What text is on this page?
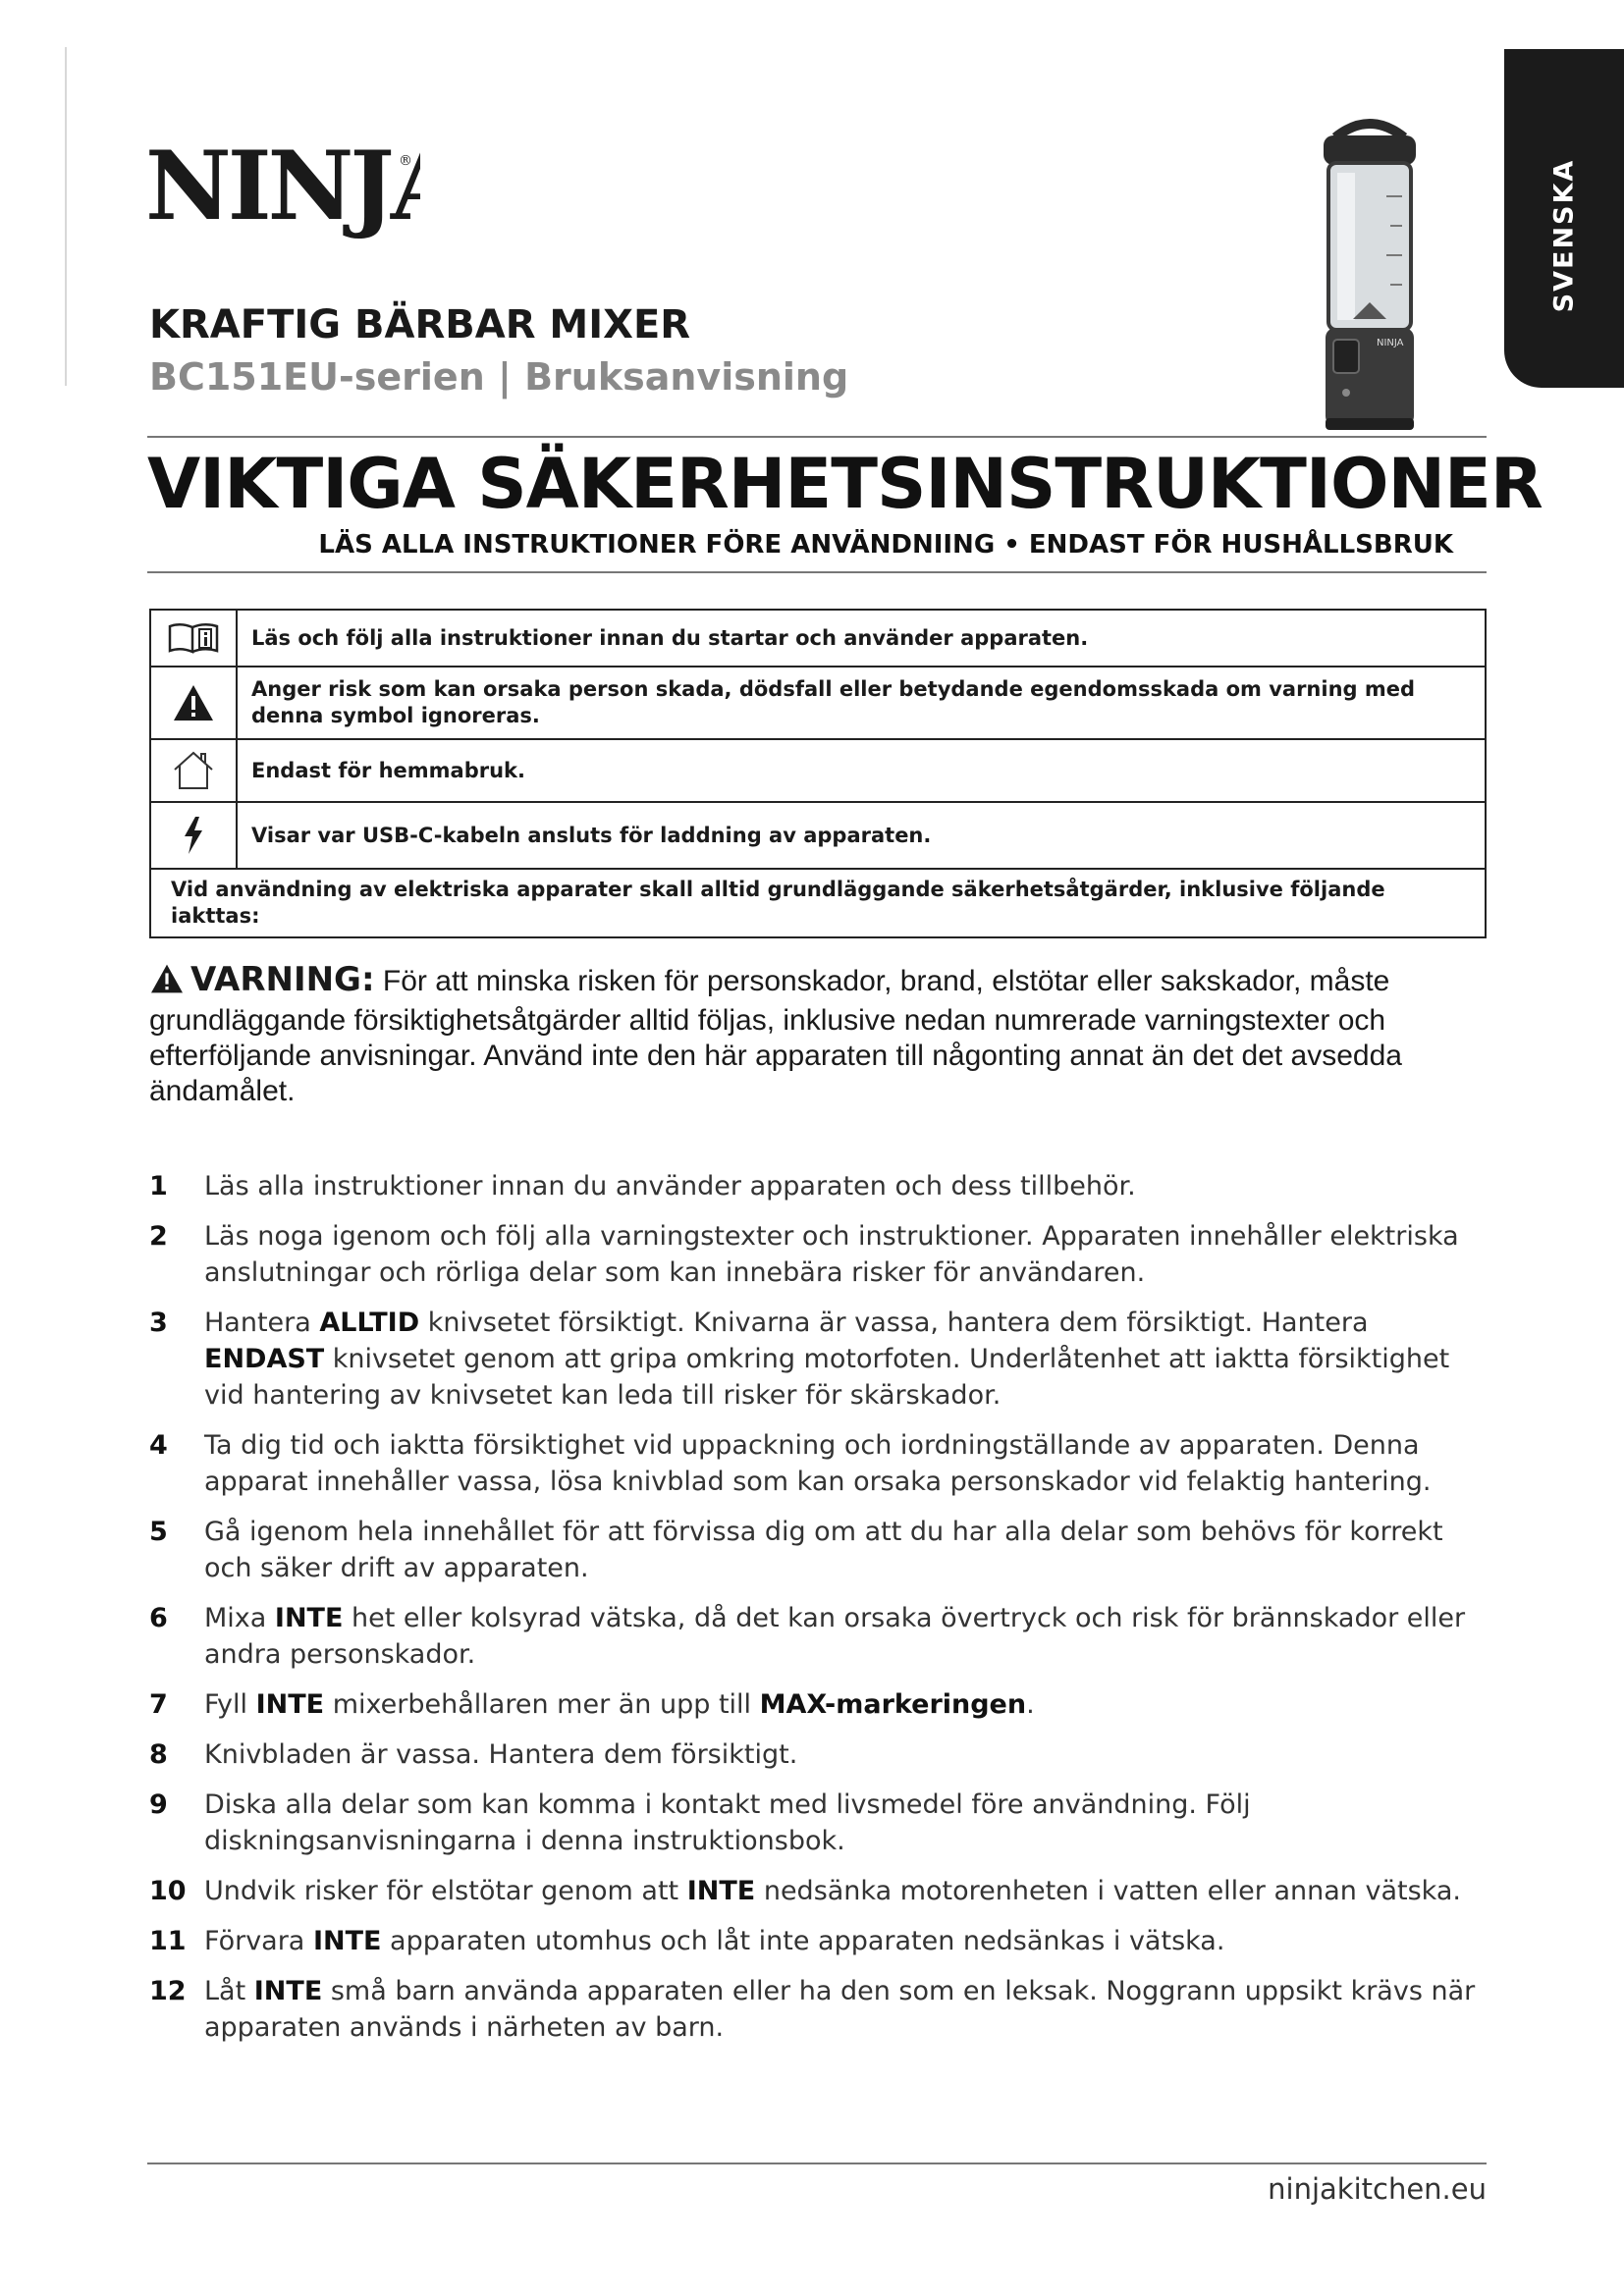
NINJ ®	SVENSKA
NINJA
KRAFTIG BÄRBAR MIXER
BC151EU-serien | Bruksanvisning
VIKTIGA SÄKERHETSINSTRUKTIONER
LÄS ALLA INSTRUKTIONER FÖRE ANVÄNDNIING • ENDAST FÖR HUSHÅLLSBRUK
Läs och följ alla instruktioner innan du startar och använder apparaten.
Anger risk som kan orsaka person skada, dödsfall eller betydande egendomsskada om varning med denna symbol ignoreras.
Endast för hemmabruk.
Visar var USB-C-kabeln ansluts för laddning av apparaten.
Vid användning av elektriska apparater skall alltid grundläggande säkerhetsåtgärder, inklusive följande iakttas:
VARNING: För att minska risken för personskador, brand, elstötar eller sakskador, måste grundläggande försiktighetsåtgärder alltid följas, inklusive nedan numrerade varningstexter och efterföljande anvisningar. Använd inte den här apparaten till någonting annat än det det avsedda ändamålet.
1 Läs alla instruktioner innan du använder apparaten och dess tillbehör.
2 Läs noga igenom och följ alla varningstexter och instruktioner. Apparaten innehåller elektriska anslutningar och rörliga delar som kan innebära risker för användaren.
3 Hantera ALLTID knivsetet försiktigt. Knivarna är vassa, hantera dem försiktigt. Hantera ENDAST knivsetet genom att gripa omkring motorfoten. Underlåtenhet att iaktta försiktighet vid hantering av knivsetet kan leda till risker för skärskador.
4 Ta dig tid och iaktta försiktighet vid uppackning och iordningställande av apparaten. Denna apparat innehåller vassa, lösa knivblad som kan orsaka personskador vid felaktig hantering.
5 Gå igenom hela innehållet för att förvissa dig om att du har alla delar som behövs för korrekt och säker drift av apparaten.
6 Mixa INTE het eller kolsyrad vätska, då det kan orsaka övertryck och risk för brännskador eller andra personskador.
7 Fyll INTE mixerbehållaren mer än upp till MAX-markeringen.
8 Knivbladen är vassa. Hantera dem försiktigt.
9 Diska alla delar som kan komma i kontakt med livsmedel före användning. Följ diskningsanvisningarna i denna instruktionsbok.
10 Undvik risker för elstötar genom att INTE nedsänka motorenheten i vatten eller annan vätska.
11 Förvara INTE apparaten utomhus och låt inte apparaten nedsänkas i vätska.
12 Låt INTE små barn använda apparaten eller ha den som en leksak. Noggrann uppsikt krävs när apparaten används i närheten av barn.
ninjakitchen.eu
